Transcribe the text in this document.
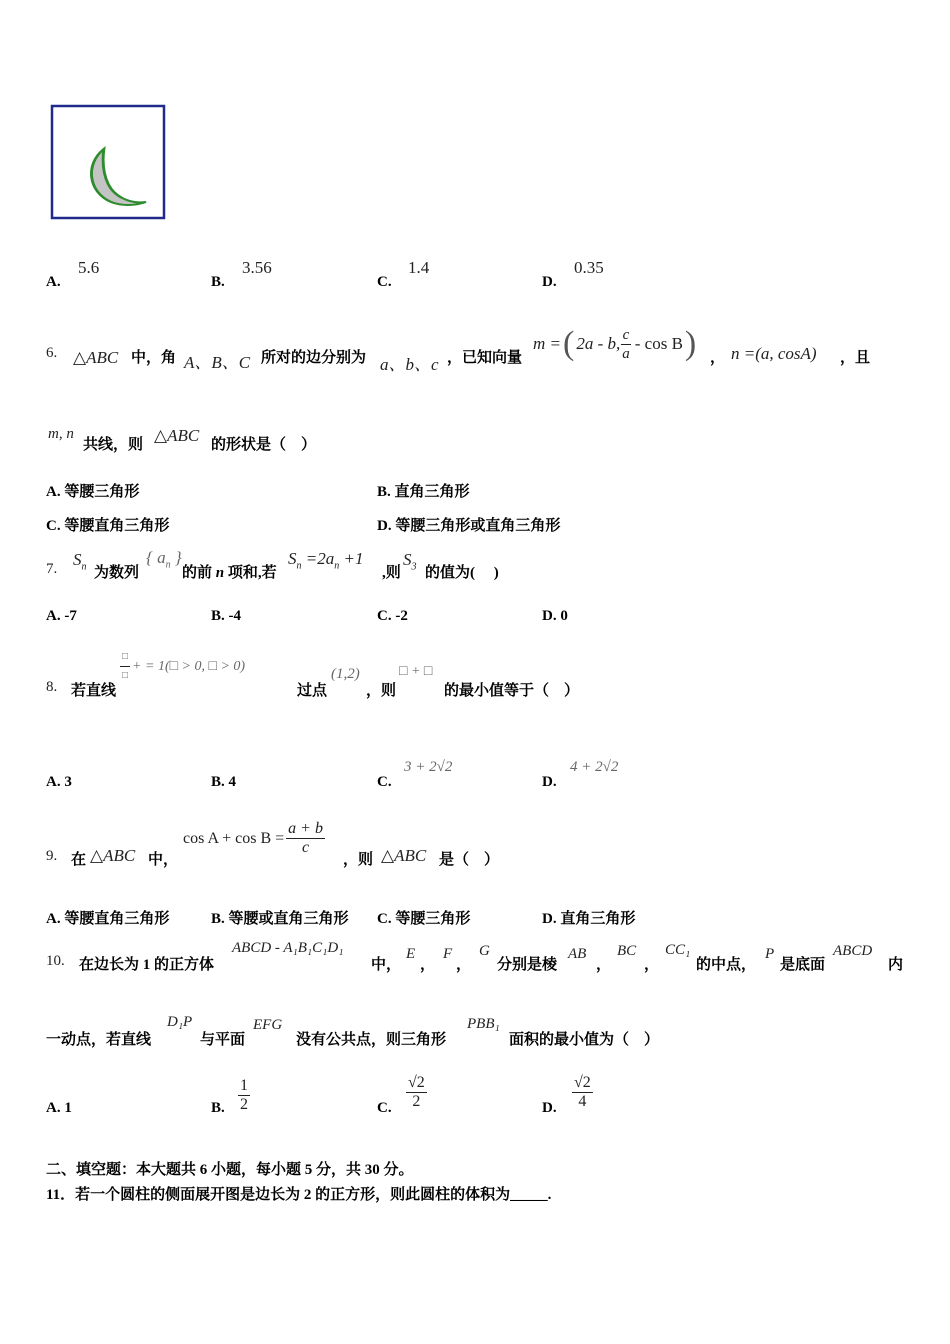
A.
5.6
B.
3.56
C.
1.4
D.
0.35
6. △ABC 中，角 A、B、C 所对的边分别为 a、b、c ，已知向量
m = ( 2a - b, $\frac{c}{a}$ - cos B ) ， n =(a, cosA) ，且
m, n
共线，则 △ABC 的形状是（　）
A. 等腰三角形	B. 直角三角形
C. 等腰直角三角形	D. 等腰三角形或直角三角形
7. $S_n$ 为数列
{ $a_n$ }
的前 n 项和,若
$S_n =2a_n +1$
,则
$S_3$ 的值为(　 )
A. -7	B. -4	C. -2	D. 0
$\frac{□}{□}$ + = 1(□ > 0, □ > 0)
8. 若直线	过点
(1,2)
，则
□ + □
的最小值等于（　）
A. 3	B. 4	C.
3 + 2√2
D.
4 + 2√2
9. 在 △ABC 中，
$\cos A + \cos B = \frac{a + b}{c}$
，则 △ABC 是（　）
A. 等腰直角三角形	B. 等腰或直角三角形 C. 等腰三角形	D. 直角三角形
10. 在边长为 1 的正方体
ABCD - A₁B₁C₁D₁
中，
E
，
F
，
G
分别是棱
AB
，
BC
，
CC₁
的中点，
P
是底面
ABCD
内
一动点，若直线
D₁P
与平面
EFG
没有公共点，则三角形
PBB₁
面积的最小值为（　）
A. 1	B. $\frac{1}{2}$	C. $\frac{√2}{2}$	D. $\frac{√2}{4}$
二、填空题：本大题共 6 小题，每小题 5 分，共 30 分。
11．若一个圆柱的侧面展开图是边长为 2 的正方形，则此圆柱的体积为_____.
